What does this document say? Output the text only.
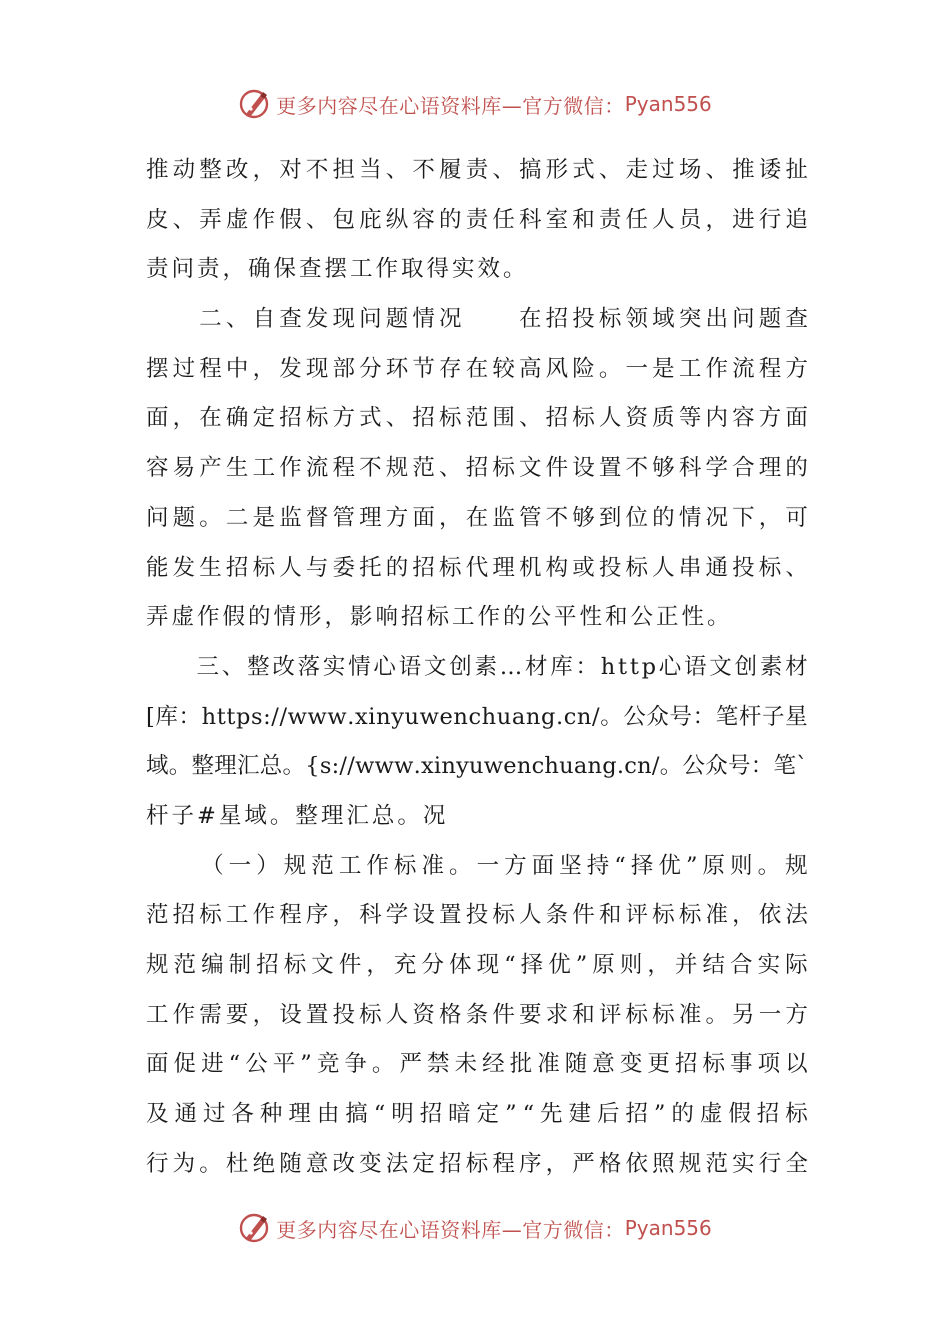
更多内容尽在心语资料库—官方微信： Pyan556
推 动 整 改 ， 对 不 担 当 、 不 履 责 、 搞 形 式 、 走 过 场 、 推 诿 扯
皮 、 弄 虚 作 假 、 包 庇 纵 容 的 责 任 科 室 和 责 任 人 员 ， 进 行 追
责问责，确保查摆工作取得实效。

二 、 自 查 发 现 问 题 情 况

　	在 招 投 标 领 域 突 出 问 题 查
摆 过 程 中 ， 发 现 部 分 环 节 存 在 较 高 风 险 。 一 是 工 作 流 程 方
面 ， 在 确 定 招 标 方 式 、 招 标 范 围 、 招 标 人 资 质 等 内 容 方 面
容 易 产 生 工 作 流 程 不 规 范 、 招 标 文 件 设 置 不 够 科 学 合 理 的
问 题 。 二 是 监 督 管 理 方 面 ， 在 监 管 不 够 到 位 的 情 况 下 ， 可
能 发 生 招 标 人 与 委 托 的 招 标 代 理 机 构 或 投 标 人 串 通 投 标 、
弄虚作假的情形，影响招标工作的公平性和公正性。

三 、 整 改 落 实 情 心 语 文 创 素 … 材 库 ： h t t p 心 语 文 创 素 材
[ 库 ： h t t p s : / / w w w . x i n y u w e n c h u a n g . c n / 。 公 众 号 ： 笔 杆 子 星
域 。 整 理 汇 总 。 { s : / / w w w . x i n y u w e n c h u a n g . c n / 。 公 众 号 ： 笔 `
杆子#星域。整理汇总。况

（ 一 ） 规 范 工 作 标 准 。 一 方 面 坚 持 “ 择 优 ” 原 则 。 规
范 招 标 工 作 程 序 ， 科 学 设 置 投 标 人 条 件 和 评 标 标 准 ， 依 法
规 范 编 制 招 标 文 件 ， 充 分 体 现 “ 择 优 ” 原 则 ， 并 结 合 实 际
工 作 需 要 ， 设 置 投 标 人 资 格 条 件 要 求 和 评 标 标 准 。 另 一 方
面 促 进 “ 公 平 ” 竞 争 。 严 禁 未 经 批 准 随 意 变 更 招 标 事 项 以
及 通 过 各 种 理 由 搞 “ 明 招 暗 定 ” “ 先 建 后 招 ” 的 虚 假 招 标
行 为 。 杜 绝 随 意 改 变 法 定 招 标 程 序 ， 严 格 依 照 规 范 实 行 全
更多内容尽在心语资料库—官方微信： Pyan556
